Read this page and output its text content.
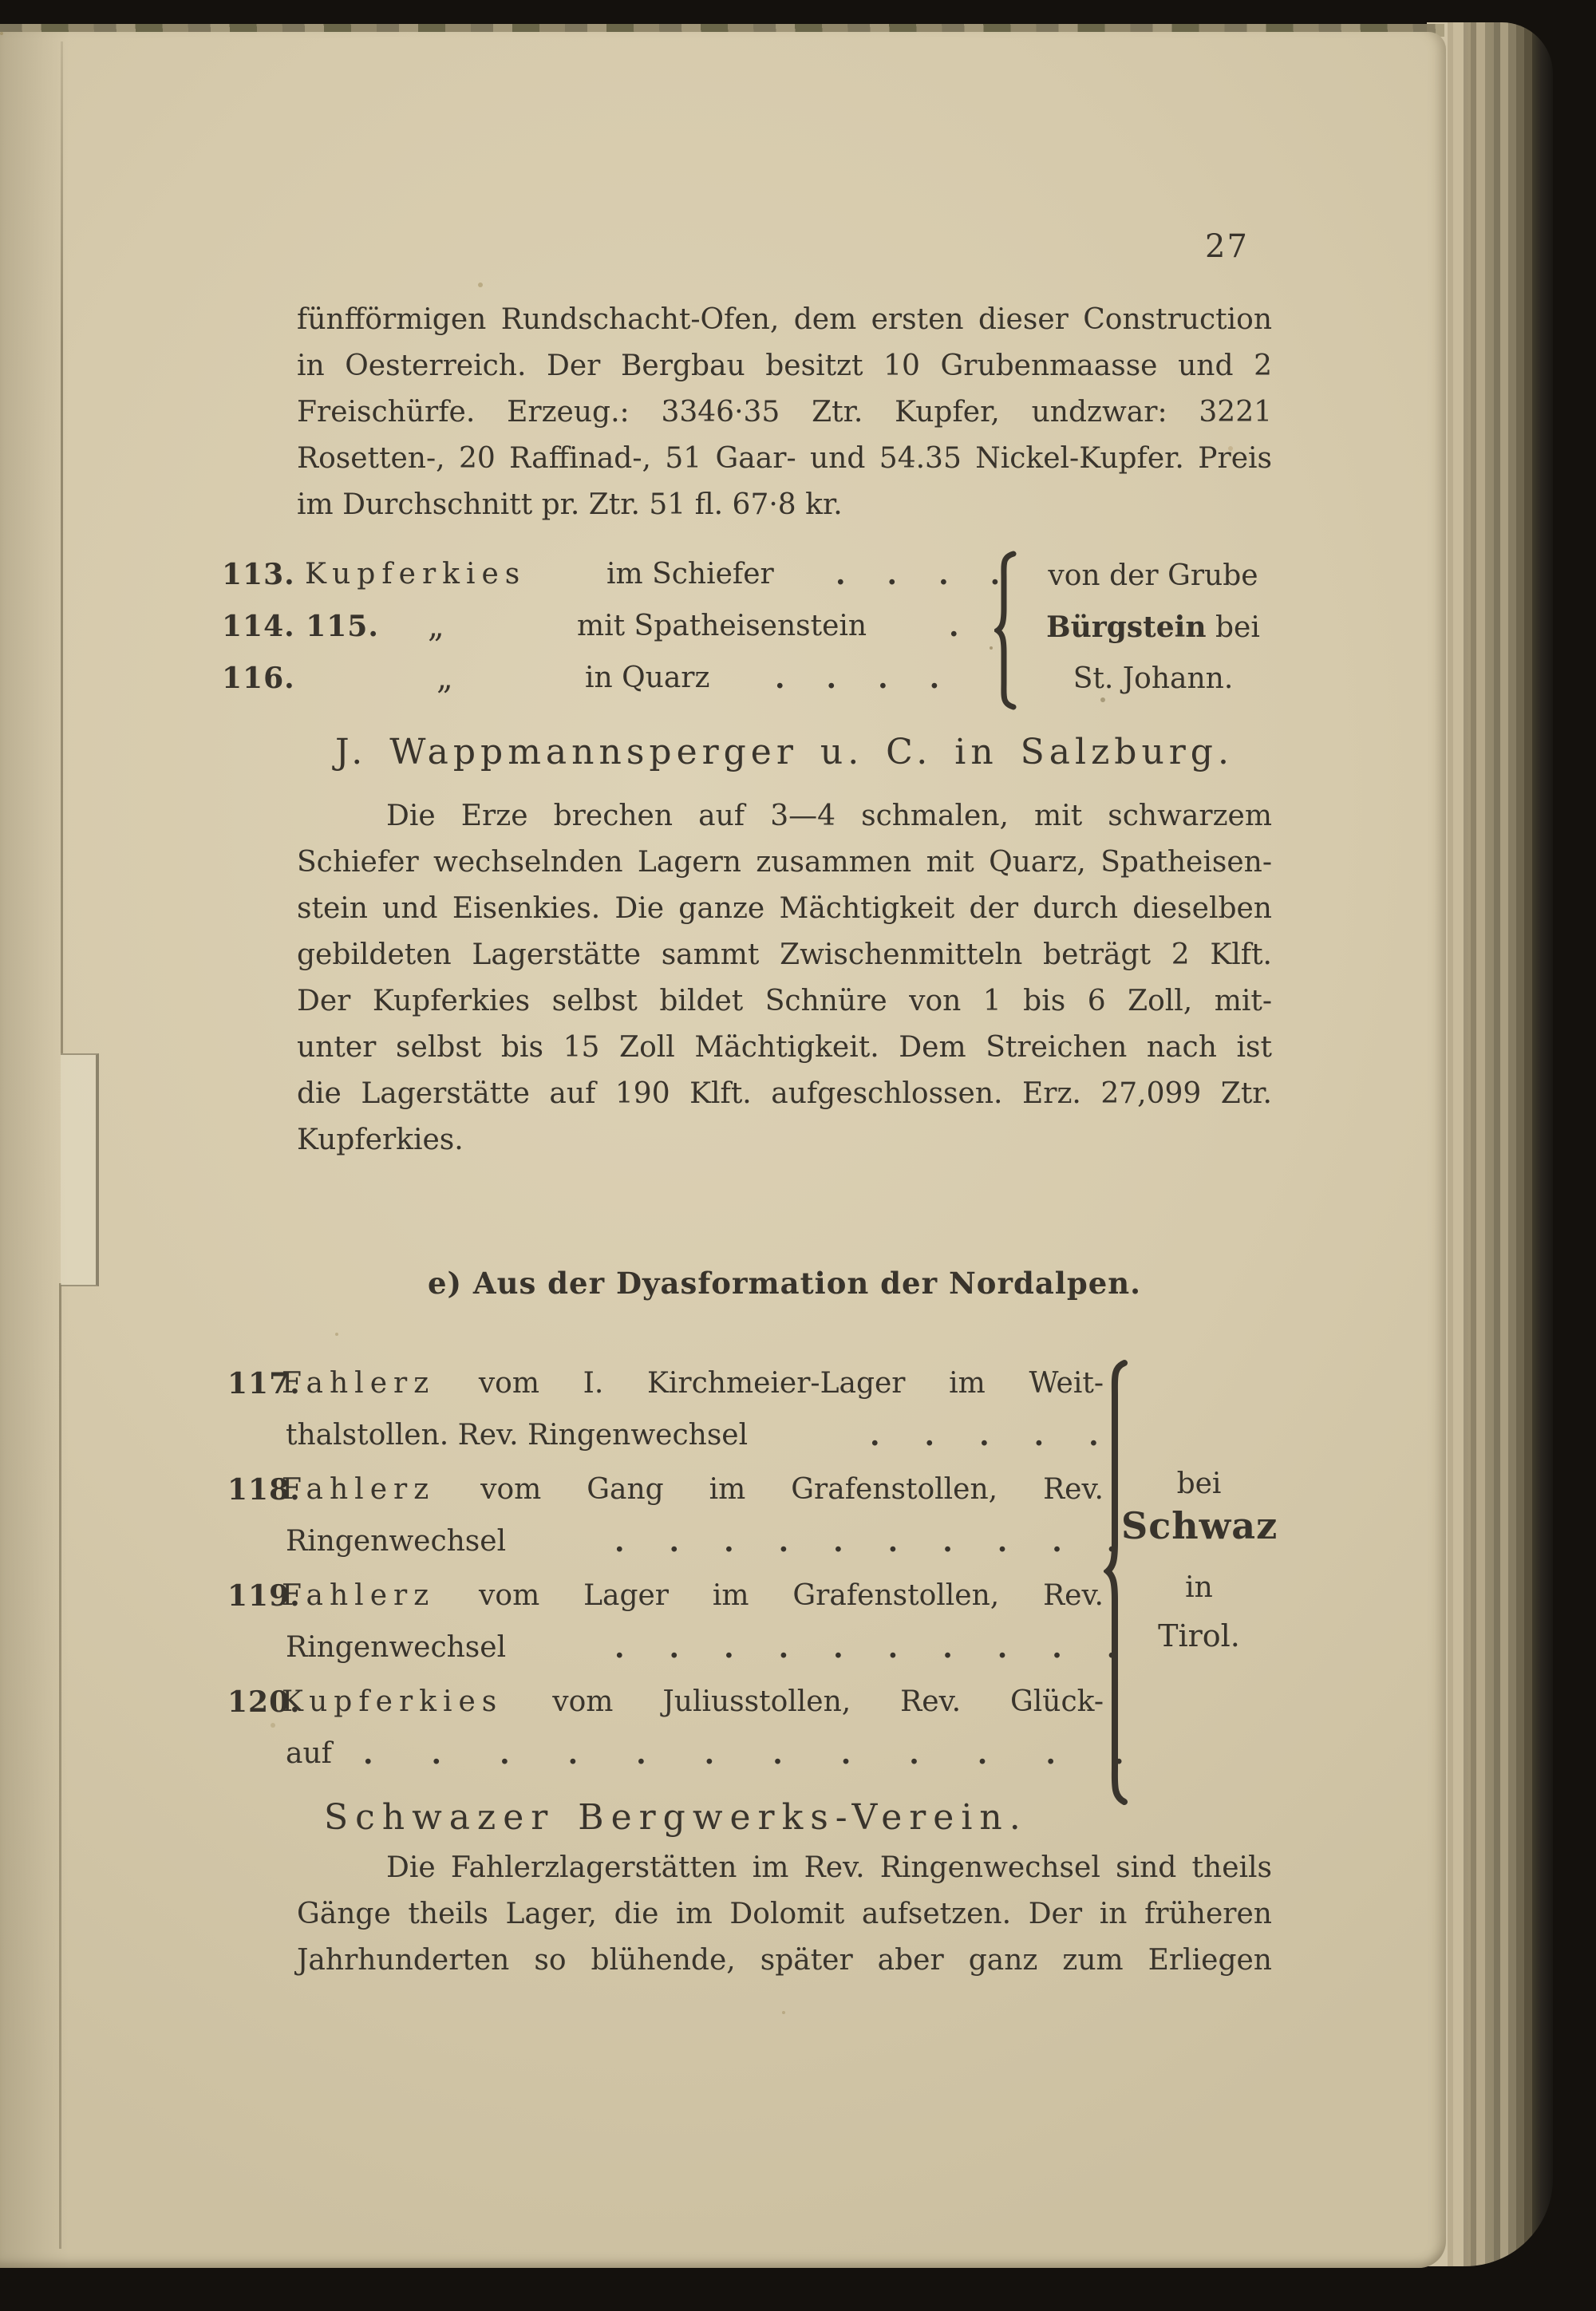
27
fünfförmigen Rundschacht-Ofen, dem ersten dieser Construction
in Oesterreich. Der Bergbau besitzt 10 Grubenmaasse und 2
Freischürfe. Erzeug.: 3346·35 Ztr. Kupfer, undzwar: 3221
Rosetten-, 20 Raffinad-, 51 Gaar- und 54.35 Nickel-Kupfer. Preis
im Durchschnitt pr. Ztr. 51 fl. 67·8 kr.
113. Kupferkies	im Schiefer ....
114. 115. „	mit Spatheisenstein	.
116.	„	in Quarz ....
von der Grube
Bürgstein bei
St. Johann.
J. Wappmannsperger u. C. in Salzburg.
Die Erze brechen auf 3—4 schmalen, mit schwarzem
Schiefer wechselnden Lagern zusammen mit Quarz, Spatheisen-
stein und Eisenkies. Die ganze Mächtigkeit der durch dieselben
gebildeten Lagerstätte sammt Zwischenmitteln beträgt 2 Klft.
Der Kupferkies selbst bildet Schnüre von 1 bis 6 Zoll, mit-
unter selbst bis 15 Zoll Mächtigkeit. Dem Streichen nach ist
die Lagerstätte auf 190 Klft. aufgeschlossen. Erz. 27,099 Ztr.
Kupferkies.
e) Aus der Dyasformation der Nordalpen.
117.
Fahlerz vom I. Kirchmeier-Lager im Weit-
thalstollen. Rev. Ringenwechsel	.....
118.
Fahlerz vom Gang im Grafenstollen, Rev.
Ringenwechsel	..........
119.
Fahlerz vom Lager im Grafenstollen, Rev.
Ringenwechsel	..........
120.
Kupferkies vom Juliusstollen, Rev. Glück-
auf ............
bei
Schwaz
in
Tirol.
Schwazer Bergwerks-Verein.
Die Fahlerzlagerstätten im Rev. Ringenwechsel sind theils
Gänge theils Lager, die im Dolomit aufsetzen. Der in früheren
Jahrhunderten so blühende, später aber ganz zum Erliegen
